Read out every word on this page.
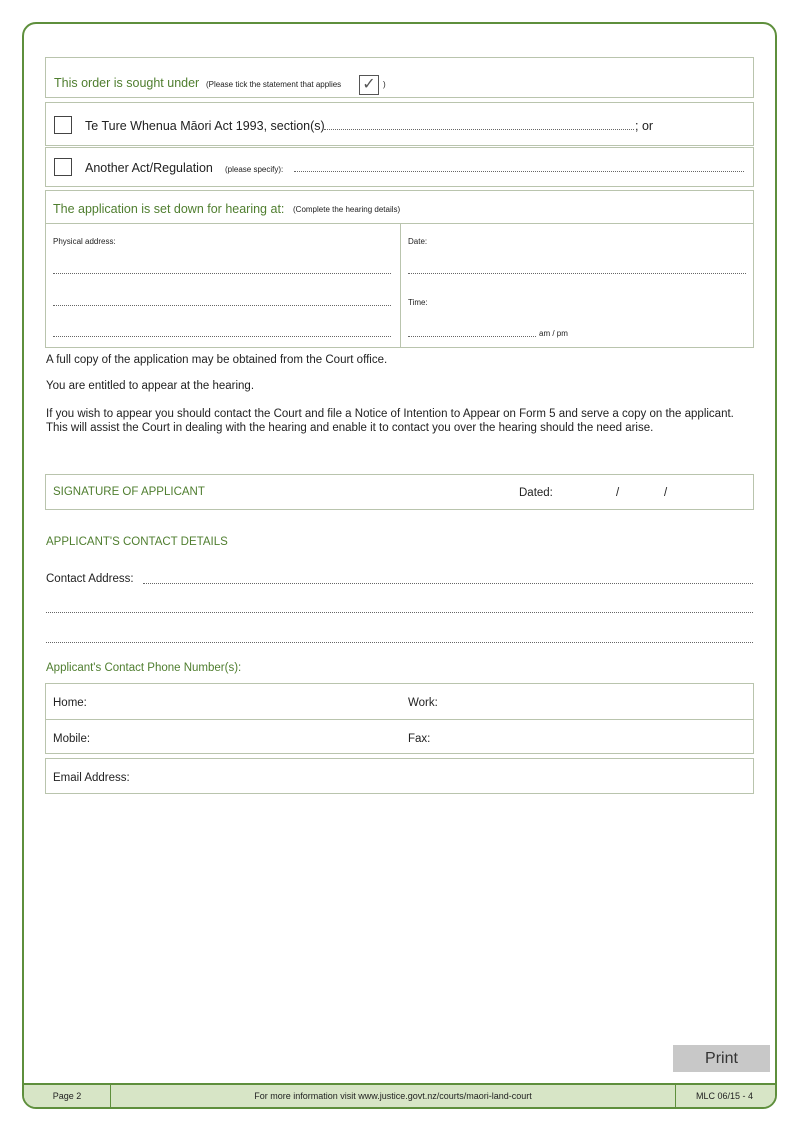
This order is sought under (Please tick the statement that applies ✓ )
Te Ture Whenua Māori Act 1993, section(s)	; or
Another Act/Regulation (please specify):
The application is set down for hearing at: (Complete the hearing details)
Physical address:	Date:
Time:
am / pm

A full copy of the application may be obtained from the Court office.

You are entitled to appear at the hearing.

If you wish to appear you should contact the Court and file a Notice of Intention to Appear on Form 5 and serve a copy on the applicant. This will assist the Court in dealing with the hearing and enable it to contact you over the hearing should the need arise.

SIGNATURE OF APPLICANT	Dated:	/	/
APPLICANT'S CONTACT DETAILS
Contact Address:
Applicant's Contact Phone Number(s):
Home:	Work:
Mobile:	Fax:
Email Address:
Print
Page 2	For more information visit www.justice.govt.nz/courts/maori-land-court	MLC 06/15 - 4
